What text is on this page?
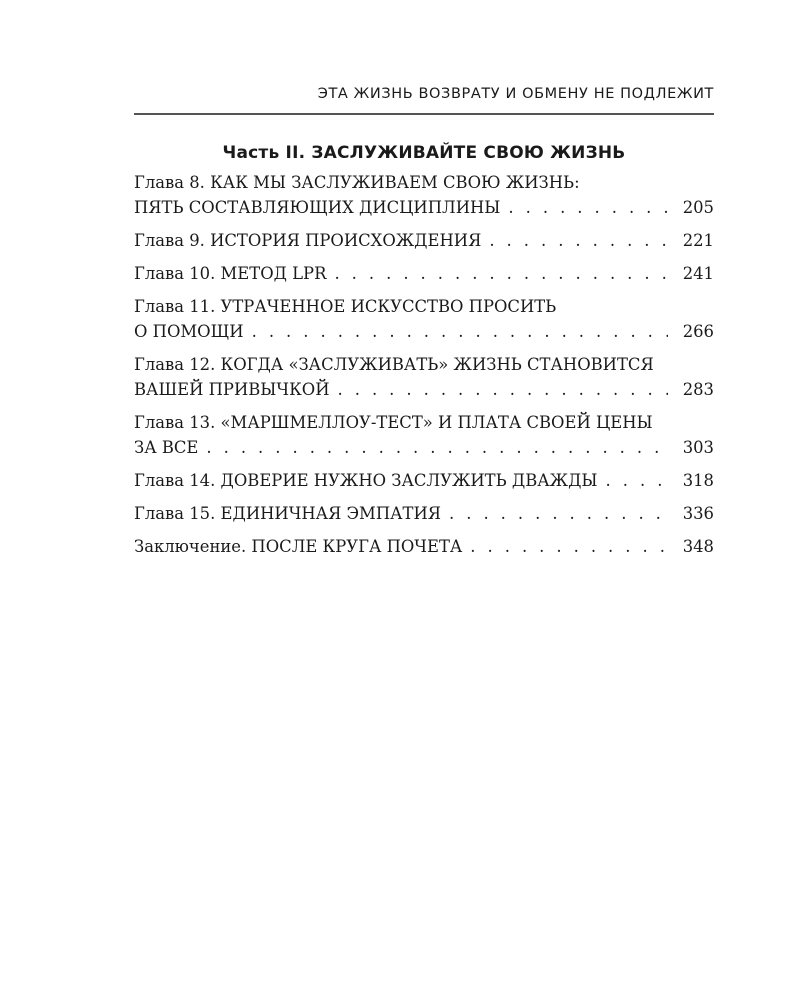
ЭТА ЖИЗНЬ ВОЗВРАТУ И ОБМЕНУ НЕ ПОДЛЕЖИТ
Часть II. ЗАСЛУЖИВАЙТЕ СВОЮ ЖИЗНЬ
Глава 8. КАК МЫ ЗАСЛУЖИВАЕМ СВОЮ ЖИЗНЬ:
ПЯТЬ СОСТАВЛЯЮЩИХ ДИСЦИПЛИНЫ . . .	205
Глава 9. ИСТОРИЯ ПРОИСХОЖДЕНИЯ . . .	221
Глава 10. МЕТОД LPR . . .	241
Глава 11. УТРАЧЕННОЕ ИСКУССТВО ПРОСИТЬ
О ПОМОЩИ . . .	266
Глава 12. КОГДА «ЗАСЛУЖИВАТЬ» ЖИЗНЬ СТАНОВИТСЯ
ВАШЕЙ ПРИВЫЧКОЙ . . .	283
Глава 13. «МАРШМЕЛЛОУ-ТЕСТ» И ПЛАТА СВОЕЙ ЦЕНЫ
ЗА ВСЕ . . .	303
Глава 14. ДОВЕРИЕ НУЖНО ЗАСЛУЖИТЬ ДВАЖДЫ . . .	318
Глава 15. ЕДИНИЧНАЯ ЭМПАТИЯ . . .	336
Заключение. ПОСЛЕ КРУГА ПОЧЕТА . . .	348
